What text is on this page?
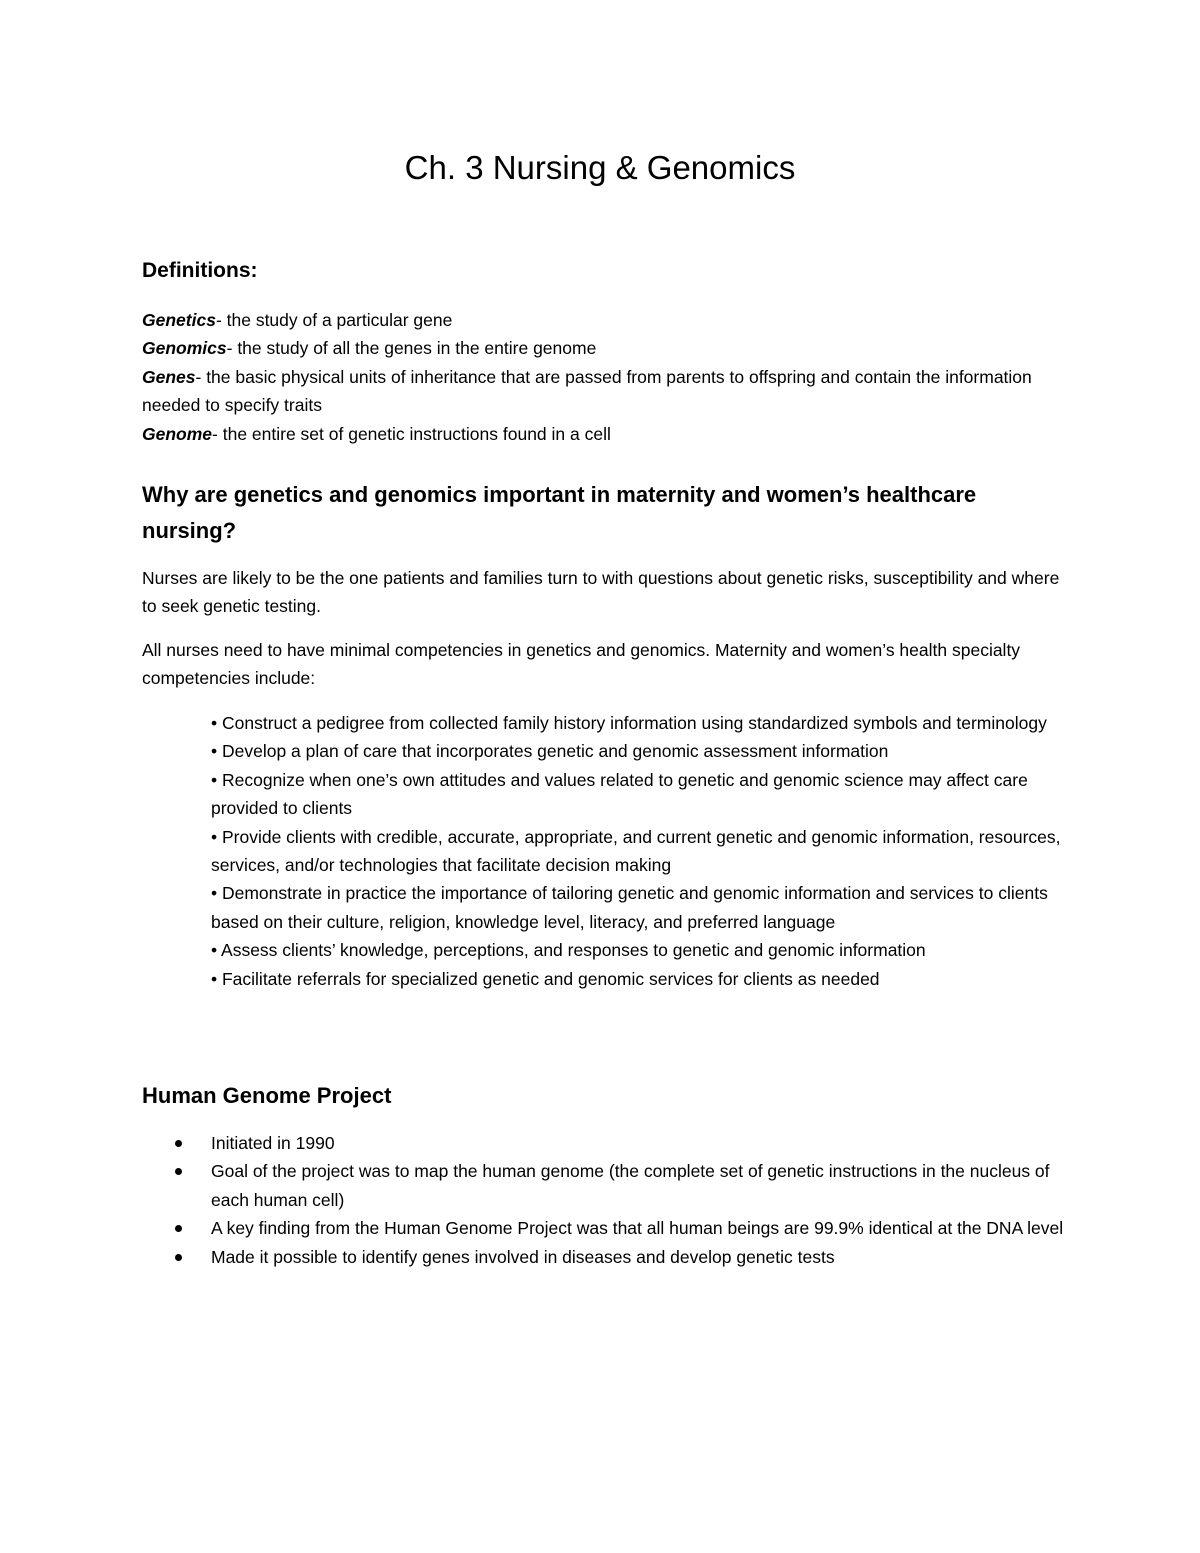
Ch. 3 Nursing & Genomics
Definitions:

Genetics- the study of a particular gene

Genomics- the study of all the genes in the entire genome

Genes- the basic physical units of inheritance that are passed from parents to offspring and contain the information needed to specify traits

Genome- the entire set of genetic instructions found in a cell

Why are genetics and genomics important in maternity and women’s healthcare nursing?

Nurses are likely to be the one patients and families turn to with questions about genetic risks, susceptibility and where to seek genetic testing.

All nurses need to have minimal competencies in genetics and genomics. Maternity and women’s health specialty competencies include:

• Construct a pedigree from collected family history information using standardized symbols and terminology

• Develop a plan of care that incorporates genetic and genomic assessment information

• Recognize when one’s own attitudes and values related to genetic and genomic science may affect care provided to clients

• Provide clients with credible, accurate, appropriate, and current genetic and genomic information, resources, services, and/or technologies that facilitate decision making

• Demonstrate in practice the importance of tailoring genetic and genomic information and services to clients based on their culture, religion, knowledge level, literacy, and preferred language

• Assess clients’ knowledge, perceptions, and responses to genetic and genomic information

• Facilitate referrals for specialized genetic and genomic services for clients as needed

Human Genome Project

Initiated in 1990

Goal of the project was to map the human genome (the complete set of genetic instructions in the nucleus of each human cell)

A key finding from the Human Genome Project was that all human beings are 99.9% identical at the DNA level

Made it possible to identify genes involved in diseases and develop genetic tests
